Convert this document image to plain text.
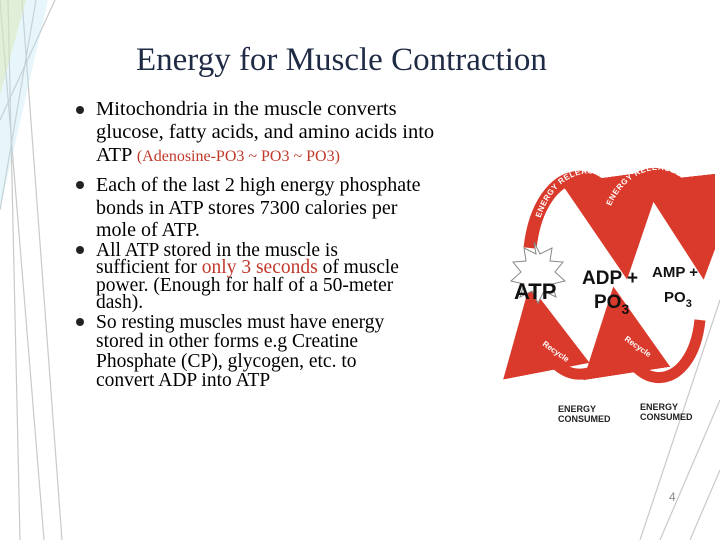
Energy for Muscle Contraction
Mitochondria in the muscle converts
glucose, fatty acids, and amino acids into
ATP (Adenosine-PO3 ~ PO3 ~ PO3)
Each of the last 2 high energy phosphate
bonds in ATP stores 7300 calories per
mole of ATP.
All ATP stored in the muscle is
sufficient for only 3 seconds of muscle
power. (Enough for half of a 50-meter
dash).
So resting muscles must have energy
stored in other forms e.g Creatine
Phosphate (CP), glycogen, etc. to
convert ADP into ATP
ENERGY RELEASED
ENERGY RELEASED
Recycle	Recycle
ATP
ADP +
$PO_3$
AMP +
$PO_3$
ENERGY CONSUMED
ENERGY CONSUMED
4
